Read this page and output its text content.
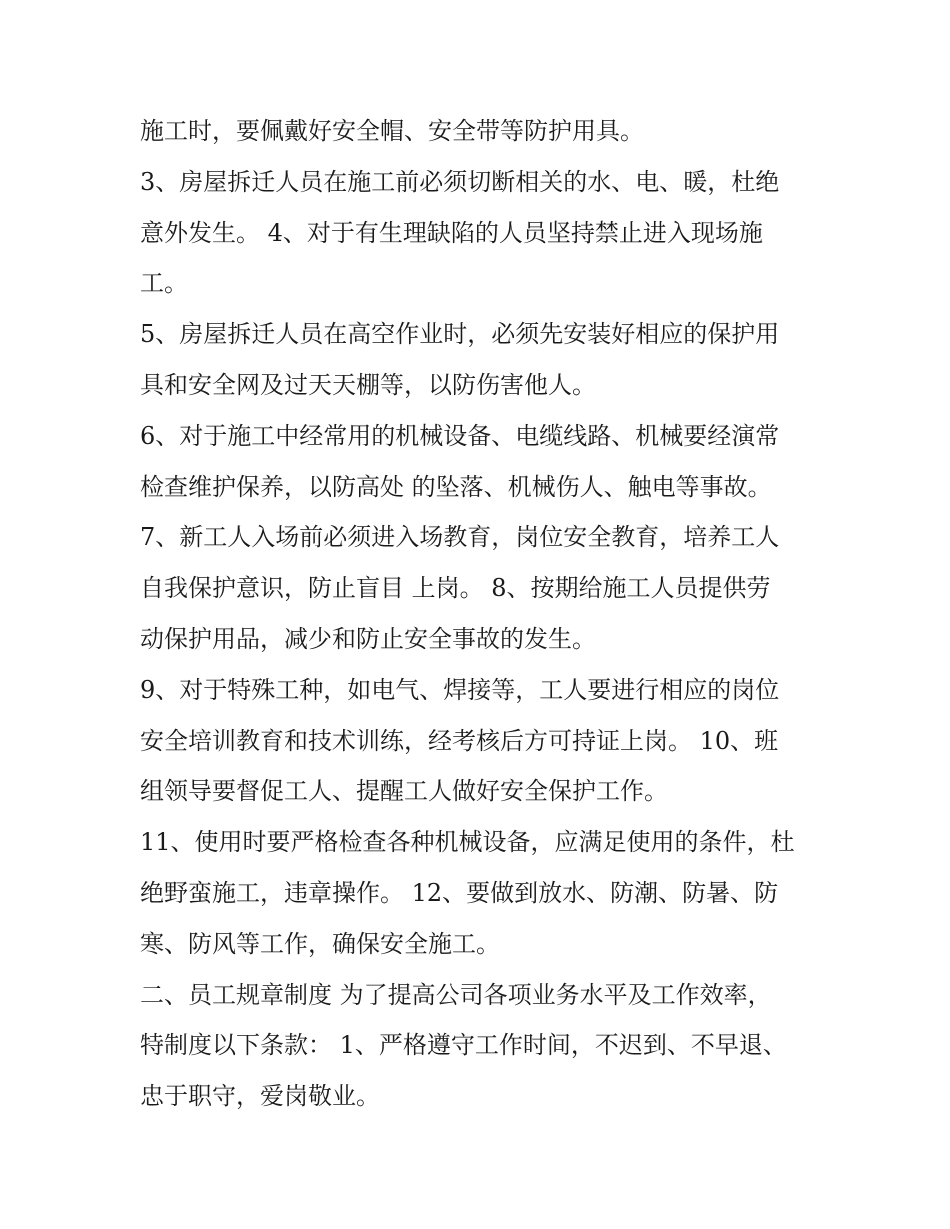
施工时，要佩戴好安全帽、安全带等防护用具。

3、房屋拆迁人员在施工前必须切断相关的水、电、暖，杜绝

意外发生。 4、对于有生理缺陷的人员坚持禁止进入现场施

工。

5、房屋拆迁人员在高空作业时，必须先安装好相应的保护用

具和安全网及过天天棚等，以防伤害他人。

6、对于施工中经常用的机械设备、电缆线路、机械要经演常

检查维护保养，以防高处 的坠落、机械伤人、触电等事故。

7、新工人入场前必须进入场教育，岗位安全教育，培养工人

自我保护意识，防止盲目 上岗。 8、按期给施工人员提供劳

动保护用品，减少和防止安全事故的发生。

9、对于特殊工种，如电气、焊接等，工人要进行相应的岗位

安全培训教育和技术训练，经考核后方可持证上岗。 10、班

组领导要督促工人、提醒工人做好安全保护工作。

11、使用时要严格检查各种机械设备，应满足使用的条件，杜

绝野蛮施工，违章操作。 12、要做到放水、防潮、防暑、防

寒、防风等工作，确保安全施工。

二、员工规章制度 为了提高公司各项业务水平及工作效率，

特制度以下条款： 1、严格遵守工作时间，不迟到、不早退、

忠于职守，爱岗敬业。
